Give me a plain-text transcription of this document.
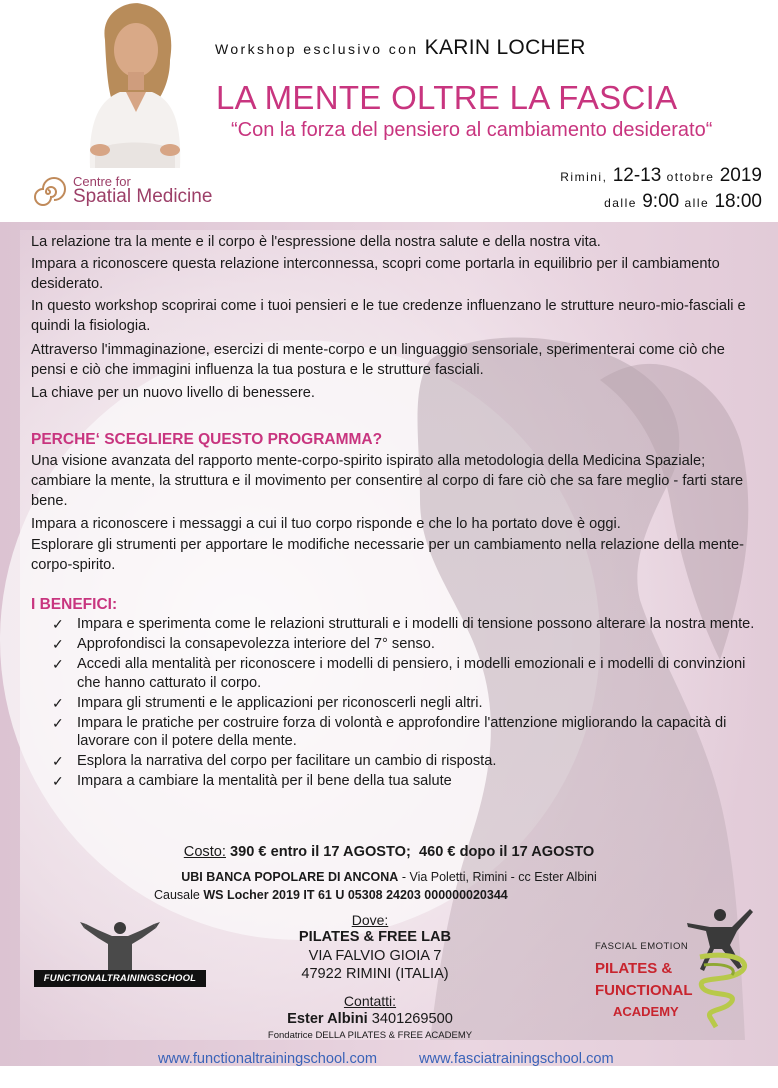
Centre for
Spatial Medicine
Workshop esclusivo con KARIN LOCHER
LA MENTE OLTRE LA FASCIA
“Con la forza del pensiero al cambiamento desiderato“
Rimini, 12-13 ottobre 2019
dalle 9:00 alle 18:00
La relazione tra la mente e il corpo è l'espressione della nostra salute e della nostra vita.
Impara a riconoscere questa relazione interconnessa, scopri come portarla in equilibrio per il cambiamento desiderato.
In questo workshop scoprirai come i tuoi pensieri e le tue credenze influenzano le strutture neuro-mio-fasciali e quindi la fisiologia.
Attraverso l'immaginazione, esercizi di mente-corpo e un linguaggio sensoriale, sperimenterai come ciò che pensi e ciò che immagini influenza la tua postura e le strutture fasciali.
La chiave per un nuovo livello di benessere.
PERCHE‘ SCEGLIERE QUESTO PROGRAMMA?
Una visione avanzata del rapporto mente-corpo-spirito ispirato alla metodologia della Medicina Spaziale; cambiare la mente, la struttura e il movimento per consentire al corpo di fare ciò che sa fare meglio - farti stare bene.
Impara a riconoscere i messaggi a cui il tuo corpo risponde e che lo ha portato dove è oggi.
Esplorare gli strumenti per apportare le modifiche necessarie per un cambiamento nella relazione della mente-corpo-spirito.
I BENEFICI:
✓ Impara e sperimenta come le relazioni strutturali e i modelli di tensione possono alterare la nostra mente.
✓ Approfondisci la consapevolezza interiore del 7° senso.
✓ Accedi alla mentalità per riconoscere i modelli di pensiero, i modelli emozionali e i modelli di convinzioni che hanno catturato il corpo.
✓ Impara gli strumenti e le applicazioni per riconoscerli negli altri.
✓ Impara le pratiche per costruire forza di volontà e approfondire l'attenzione migliorando la capacità di lavorare con il potere della mente.
✓ Esplora la narrativa del corpo per facilitare un cambio di risposta.
✓ Impara a cambiare la mentalità per il bene della tua salute
Costo: 390 € entro il 17 AGOSTO; 460 € dopo il 17 AGOSTO
UBI BANCA POPOLARE DI ANCONA - Via Poletti, Rimini - cc Ester Albini
Causale WS Locher 2019 IT 61 U 05308 24203 000000020344
Dove:
PILATES & FREE LAB
VIA FALVIO GIOIA 7
47922 RIMINI (ITALIA)
Contatti:
Ester Albini 3401269500
Fondatrice DELLA PILATES & FREE ACADEMY
www.functionaltrainingschool.com	www.fasciatrainingschool.com
FUNCTIONALTRAININGSCHOOL
FASCIAL EMOTION
PILATES &
FUNCTIONAL
ACADEMY
